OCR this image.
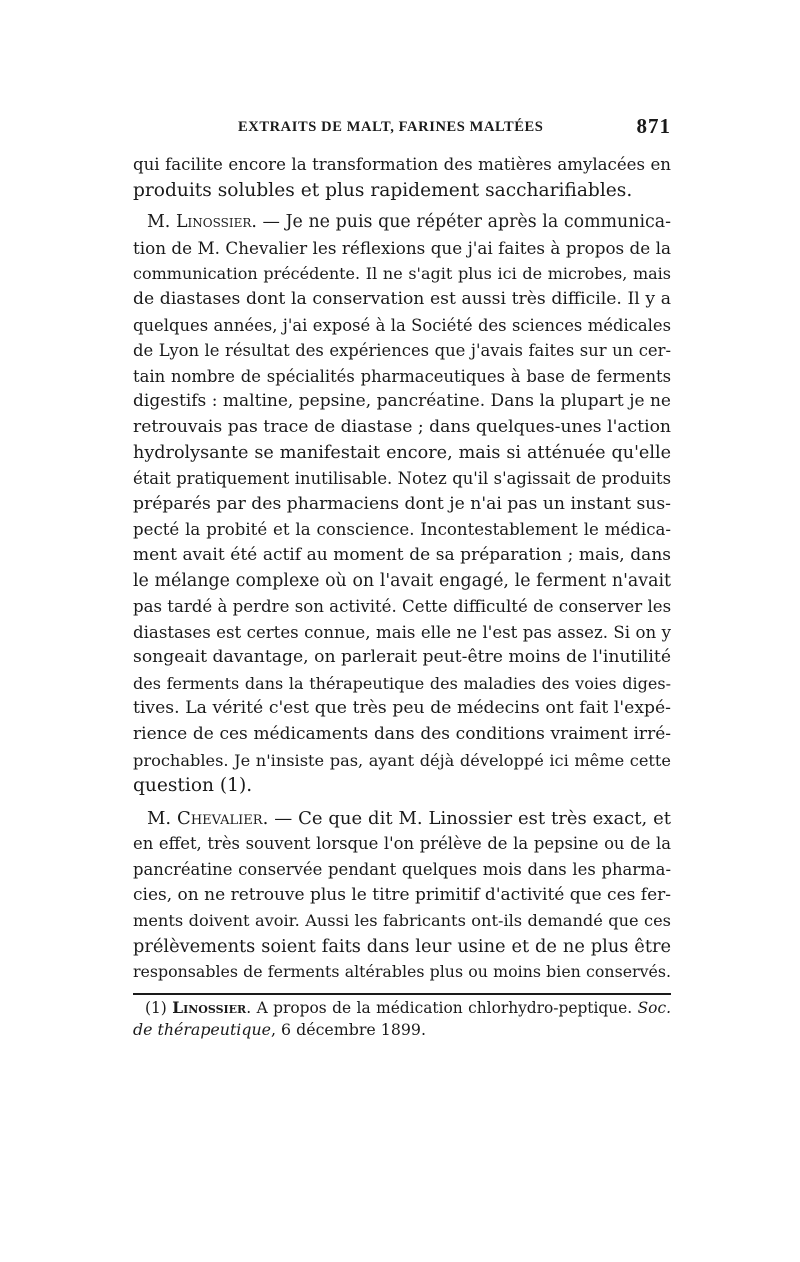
EXTRAITS DE MALT, FARINES MALTÉES	871
qui facilite encore la transformation des matières amylacées en
produits solubles et plus rapidement saccharifiables.
M. Linossier. — Je ne puis que répéter après la communica-
tion de M. Chevalier les réflexions que j'ai faites à propos de la
communication précédente. Il ne s'agit plus ici de microbes, mais
de diastases dont la conservation est aussi très difficile. Il y a
quelques années, j'ai exposé à la Société des sciences médicales
de Lyon le résultat des expériences que j'avais faites sur un cer-
tain nombre de spécialités pharmaceutiques à base de ferments
digestifs : maltine, pepsine, pancréatine. Dans la plupart je ne
retrouvais pas trace de diastase ; dans quelques-unes l'action
hydrolysante se manifestait encore, mais si atténuée qu'elle
était pratiquement inutilisable. Notez qu'il s'agissait de produits
préparés par des pharmaciens dont je n'ai pas un instant sus-
pecté la probité et la conscience. Incontestablement le médica-
ment avait été actif au moment de sa préparation ; mais, dans
le mélange complexe où on l'avait engagé, le ferment n'avait
pas tardé à perdre son activité. Cette difficulté de conserver les
diastases est certes connue, mais elle ne l'est pas assez. Si on y
songeait davantage, on parlerait peut-être moins de l'inutilité
des ferments dans la thérapeutique des maladies des voies diges-
tives. La vérité c'est que très peu de médecins ont fait l'expé-
rience de ces médicaments dans des conditions vraiment irré-
prochables. Je n'insiste pas, ayant déjà développé ici même cette
question (1).
M. Chevalier. — Ce que dit M. Linossier est très exact, et
en effet, très souvent lorsque l'on prélève de la pepsine ou de la
pancréatine conservée pendant quelques mois dans les pharma-
cies, on ne retrouve plus le titre primitif d'activité que ces fer-
ments doivent avoir. Aussi les fabricants ont-ils demandé que ces
prélèvements soient faits dans leur usine et de ne plus être
responsables de ferments altérables plus ou moins bien conservés.
(1) Linossier. A propos de la médication chlorhydro-peptique. Soc.
de thérapeutique, 6 décembre 1899.
